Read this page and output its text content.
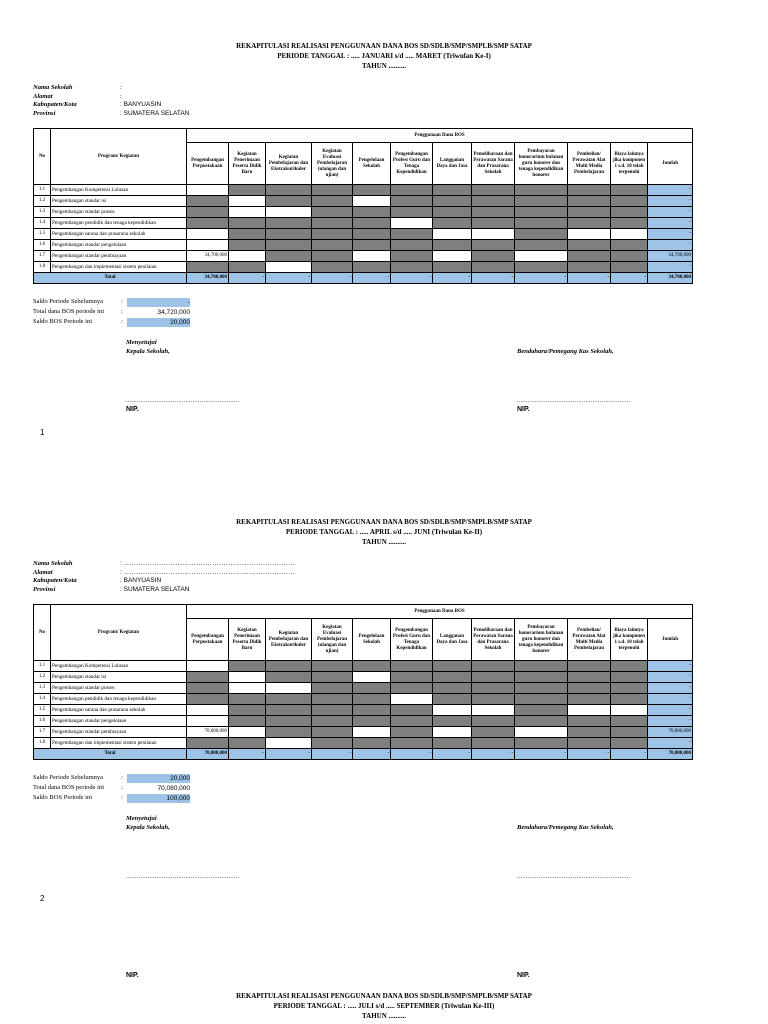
REKAPITULASI REALISASI PENGGUNAAN DANA BOS SD/SDLB/SMP/SMPLB/SMP SATAP
PERIODE TANGGAL : ..... JANUARI s/d ..... MARET (Triwulan Ke-I)
TAHUN ..........
Nama Sekolah	:
Alamat	:
Kabupaten/Kota	: BANYUASIN
Provinsi	: SUMATERA SELATAN
No	Program/ Kegiatan	Penggunaan Dana BOS											
		Pengembangan Perpustakaan	Kegiatan Penerimaan Peserta Didik Baru	Kegiatan Pembelajaran dan Ekstrakurikuler	Kegiatan Evaluasi Pembelajaran (ulangan dan ujian)	Pengelolaan Sekolah	Pengembangan Profesi Guru dan Tenaga Kependidikan	Langganan Daya dan Jasa	Pemeliharaan dan Perawatan Sarana dan Prasarana Sekolah	Pembayaran honorarium bulanan guru honorer dan tenaga kependidikan honorer	Pembelian/ Perawatan Alat Multi Media Pembelajaran	Biaya lainnya jika komponen 1 s.d. 10 telah terpenuhi	Jumlah
1.1	Pengembangan Kompetensi Lulusan												-
1.2	Pengembangan standar isi												-
1.3	Pengembangan standar proses												-
1.4	Pengembangan pendidik dan tenaga kependidikan												-
1.5	Pengembangan sarana dan prasarana sekolah												-
1.6	Pengembangan standar pengelolaan												-
1.7	Pengembangan standar pembiayaan	34,700,000											34,700,000
1.8	Pengembangan dan implementasi sistem penilaian												-
Total		34,700,000	-	-	-	-	-	-	-	-	-	-	34,700,000
Saldo Periode Sebelumnya	:	-
Total dana BOS periode ini	:	34,720,000
Saldo BOS Periode ini	:	20,000
Menyetujui
Kepala Sekolah,	Bendahara/Pemegang Kas Sekolah,
...............................................................	...............................................................
NIP.	NIP.
1
REKAPITULASI REALISASI PENGGUNAAN DANA BOS SD/SDLB/SMP/SMPLB/SMP SATAP
PERIODE TANGGAL : ..... APRIL s/d ..... JUNI (Triwulan Ke-II)
TAHUN ..........
Nama Sekolah	: ..........................................................................
Alamat	: ..........................................................................
Kabupaten/Kota	: BANYUASIN
Provinsi	: SUMATERA SELATAN
No	Program/ Kegiatan	Penggunaan Dana BOS											
		Pengembangan Perpustakaan	Kegiatan Penerimaan Peserta Didik Baru	Kegiatan Pembelajaran dan Ekstrakurikuler	Kegiatan Evaluasi Pembelajaran (ulangan dan ujian)	Pengelolaan Sekolah	Pengembangan Profesi Guru dan Tenaga Kependidikan	Langganan Daya dan Jasa	Pemeliharaan dan Perawatan Sarana dan Prasarana Sekolah	Pembayaran honorarium bulanan guru honorer dan tenaga kependidikan honorer	Pembelian/ Perawatan Alat Multi Media Pembelajaran	Biaya lainnya jika komponen 1 s.d. 10 telah terpenuhi	Jumlah
1.1	Pengembangan Kompetensi Lulusan												-
1.2	Pengembangan standar isi												-
1.3	Pengembangan standar proses												-
1.4	Pengembangan pendidik dan tenaga kependidikan												-
1.5	Pengembangan sarana dan prasarana sekolah												-
1.6	Pengembangan standar pengelolaan												-
1.7	Pengembangan standar pembiayaan	70,000,000											70,000,000
1.8	Pengembangan dan implementasi sistem penilaian												-
Total		70,000,000	-	-	-	-	-	-	-	-	-	-	70,000,000
Saldo Periode Sebelumnya	:	20,000
Total dana BOS periode ini	:	70,080,000
Saldo BOS Periode ini	:	100,000
Menyetujui
Kepala Sekolah,	Bendahara/Pemegang Kas Sekolah,
...............................................................	...............................................................
2
NIP.	NIP.
REKAPITULASI REALISASI PENGGUNAAN DANA BOS SD/SDLB/SMP/SMPLB/SMP SATAP
PERIODE TANGGAL : ..... JULI s/d ..... SEPTEMBER (Triwulan Ke-III)
TAHUN ..........
